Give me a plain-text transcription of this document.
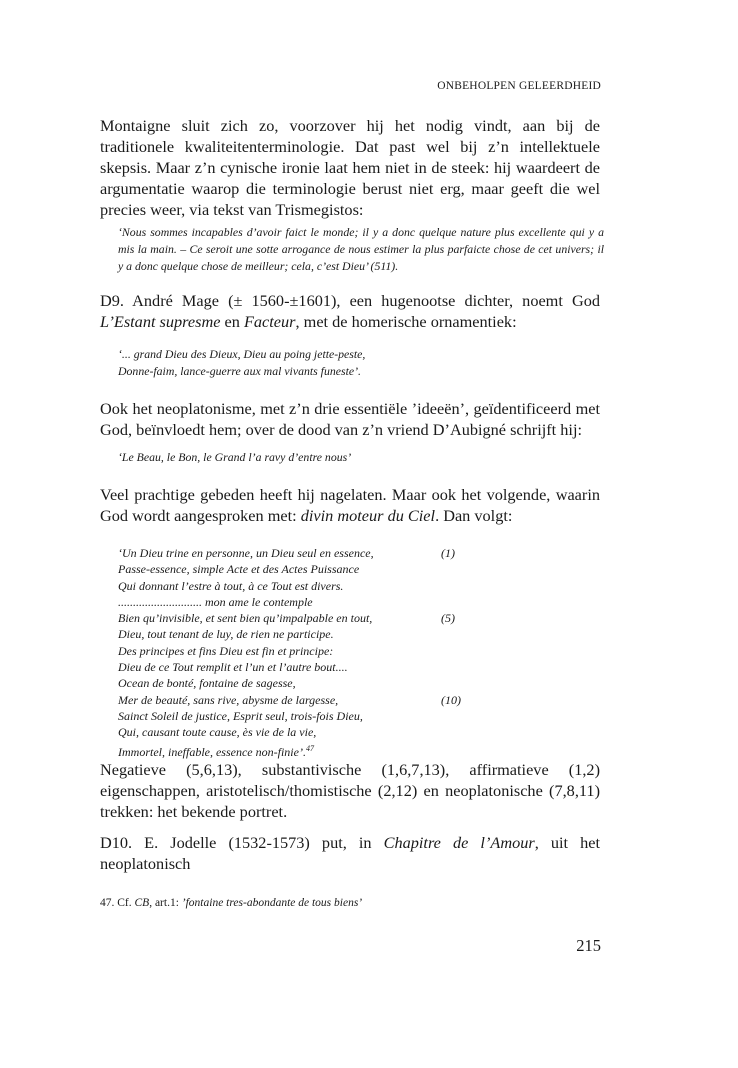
ONBEHOLPEN GELEERDHEID

Montaigne sluit zich zo, voorzover hij het nodig vindt, aan bij de traditionele kwaliteitenterminologie. Dat past wel bij z’n intellektuele skepsis. Maar z’n cynische ironie laat hem niet in de steek: hij waardeert de argumentatie waarop die terminologie berust niet erg, maar geeft die wel precies weer, via tekst van Trismegistos:

‘Nous sommes incapables d’avoir faict le monde; il y a donc quelque nature plus excellente qui y a mis la main. – Ce seroit une sotte arrogance de nous estimer la plus parfaicte chose de cet univers; il y a donc quelque chose de meilleur; cela, c’est Dieu’ (511).

D9. André Mage (± 1560-±1601), een hugenootse dichter, noemt God L’Estant supresme en Facteur, met de homerische ornamentiek:

‘... grand Dieu des Dieux, Dieu au poing jette-peste,
Donne-faim, lance-guerre aux mal vivants funeste’.

Ook het neoplatonisme, met z’n drie essentiële ’ideeën’, geïdentificeerd met God, beïnvloedt hem; over de dood van z’n vriend D’Aubigné schrijft hij:

‘Le Beau, le Bon, le Grand l’a ravy d’entre nous’

Veel prachtige gebeden heeft hij nagelaten. Maar ook het volgende, waarin God wordt aangesproken met: divin moteur du Ciel. Dan volgt:

‘Un Dieu trine en personne, un Dieu seul en essence,	(1)
Passe-essence, simple Acte et des Actes Puissance
Qui donnant l’estre à tout, à ce Tout est divers.
............................ mon ame le contemple
Bien qu’invisible, et sent bien qu’impalpable en tout,	(5)
Dieu, tout tenant de luy, de rien ne participe.
Des principes et fins Dieu est fin et principe:
Dieu de ce Tout remplit et l’un et l’autre bout....
Ocean de bonté, fontaine de sagesse,
Mer de beauté, sans rive, abysme de largesse,	(10)
Sainct Soleil de justice, Esprit seul, trois-fois Dieu,
Qui, causant toute cause, ès vie de la vie,
Immortel, ineffable, essence non-finie’.$^{47}$

Negatieve (5,6,13), substantivische (1,6,7,13), affirmatieve (1,2) eigenschappen, aristotelisch/thomistische (2,12) en neoplatonische (7,8,11) trekken: het bekende portret.

D10. E. Jodelle (1532-1573) put, in Chapitre de l’Amour, uit het neoplatonisch

47. Cf. CB, art.1: ’fontaine tres-abondante de tous biens’

215
